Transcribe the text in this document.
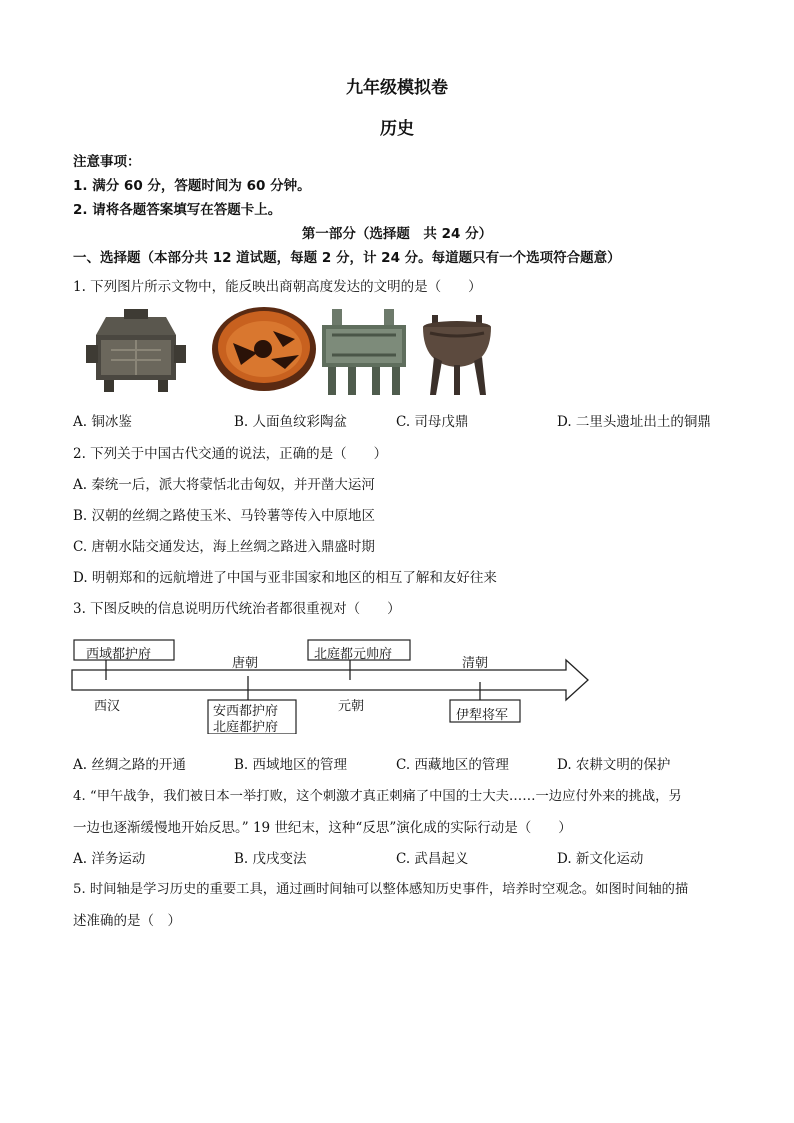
九年级模拟卷
历史
注意事项：
1. 满分 60 分，答题时间为 60 分钟。
2. 请将各题答案填写在答题卡上。
第一部分（选择题　共 24 分）
一、选择题（本部分共 12 道试题，每题 2 分，计 24 分。每道题只有一个选项符合题意）
1. 下列图片所示文物中，能反映出商朝高度发达的文明的是（　　）
A. 铜冰鉴	B. 人面鱼纹彩陶盆	C. 司母戊鼎	D. 二里头遗址出土的铜鼎
2. 下列关于中国古代交通的说法，正确的是（　　）
A. 秦统一后，派大将蒙恬北击匈奴，并开凿大运河
B. 汉朝的丝绸之路使玉米、马铃薯等传入中原地区
C. 唐朝水陆交通发达，海上丝绸之路进入鼎盛时期
D. 明朝郑和的远航增进了中国与亚非国家和地区的相互了解和友好往来
3. 下图反映的信息说明历代统治者都很重视对（　　）
西域都护府	北庭都元帅府
唐朝	清朝
西汉	元朝
安西都护府
北庭都护府
伊犁将军
A. 丝绸之路的开通	B. 西域地区的管理	C. 西藏地区的管理	D. 农耕文明的保护
4. “甲午战争，我们被日本一举打败，这个刺激才真正刺痛了中国的士大夫……一边应付外来的挑战，另
一边也逐渐缓慢地开始反思。” 19 世纪末，这种“反思”演化成的实际行动是（　　）
A. 洋务运动	B. 戊戌变法	C. 武昌起义	D. 新文化运动
5. 时间轴是学习历史的重要工具，通过画时间轴可以整体感知历史事件，培养时空观念。如图时间轴的描
述准确的是（　）
